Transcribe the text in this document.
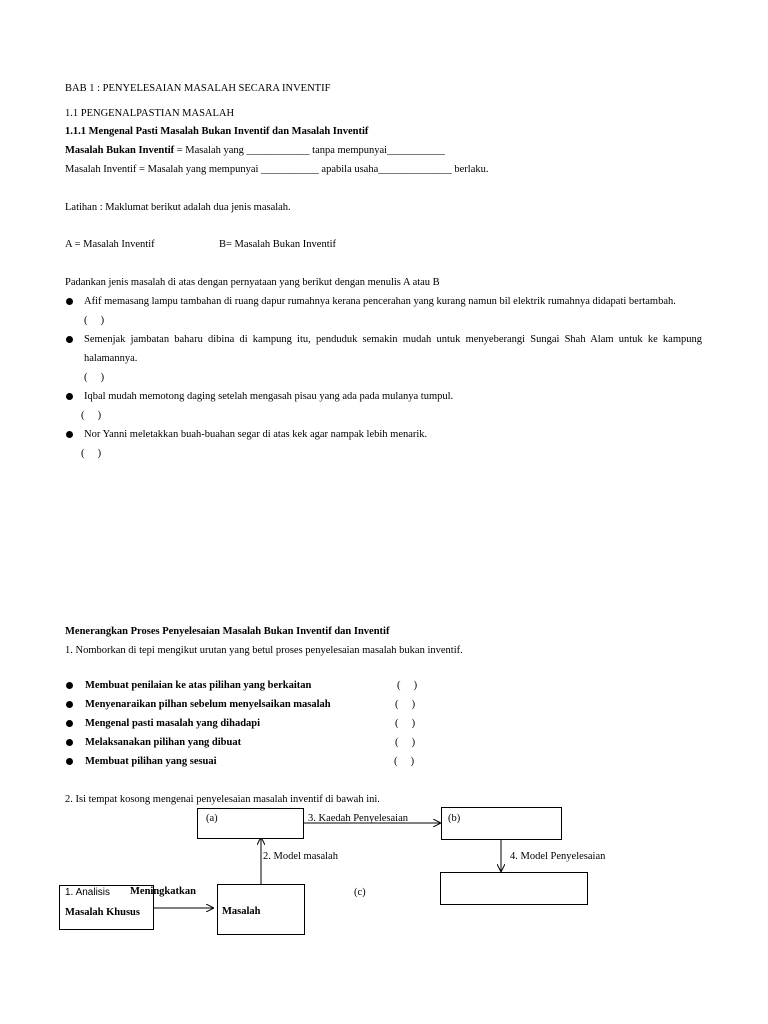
BAB 1 : PENYELESAIAN MASALAH SECARA INVENTIF
1.1 PENGENALPASTIAN MASALAH
1.1.1 Mengenal Pasti Masalah Bukan Inventif dan Masalah Inventif
Masalah Bukan Inventif = Masalah yang ____________ tanpa mempunyai___________
Masalah Inventif = Masalah yang mempunyai ___________ apabila usaha______________ berlaku.
Latihan : Maklumat berikut adalah dua jenis masalah.
A = Masalah Inventif	B= Masalah Bukan Inventif
Padankan jenis masalah di atas dengan pernyataan yang berikut dengan menulis A atau B
Afif memasang lampu tambahan di ruang dapur rumahnya kerana pencerahan yang kurang namun bil elektrik rumahnya didapati bertambah.
(     )
Semenjak jambatan baharu dibina di kampung itu, penduduk semakin mudah untuk menyeberangi Sungai Shah Alam untuk ke kampung
halamannya.
(     )
Iqbal mudah memotong daging setelah mengasah pisau yang ada pada mulanya tumpul.
(     )
Nor Yanni meletakkan buah-buahan segar di atas kek agar nampak lebih menarik.
(     )
Menerangkan Proses Penyelesaian Masalah Bukan Inventif dan Inventif
1. Nomborkan di tepi mengikut urutan yang betul proses penyelesaian masalah bukan inventif.
Membuat penilaian ke atas pilihan yang berkaitan	(     )
Menyenaraikan pilhan sebelum menyelsaikan masalah	(     )
Mengenal pasti masalah yang dihadapi	(     )
Melaksanakan pilihan yang dibuat	(     )
Membuat pilihan yang sesuai	(     )
2. Isi tempat kosong mengenai penyelesaian masalah inventif di bawah ini.
(a)	(b)
3. Kaedah Penyelesaian
2. Model masalah	4. Model Penyelesaian
(c)
1. Analisis
Masalah Khusus
Meningkatkan
Masalah
